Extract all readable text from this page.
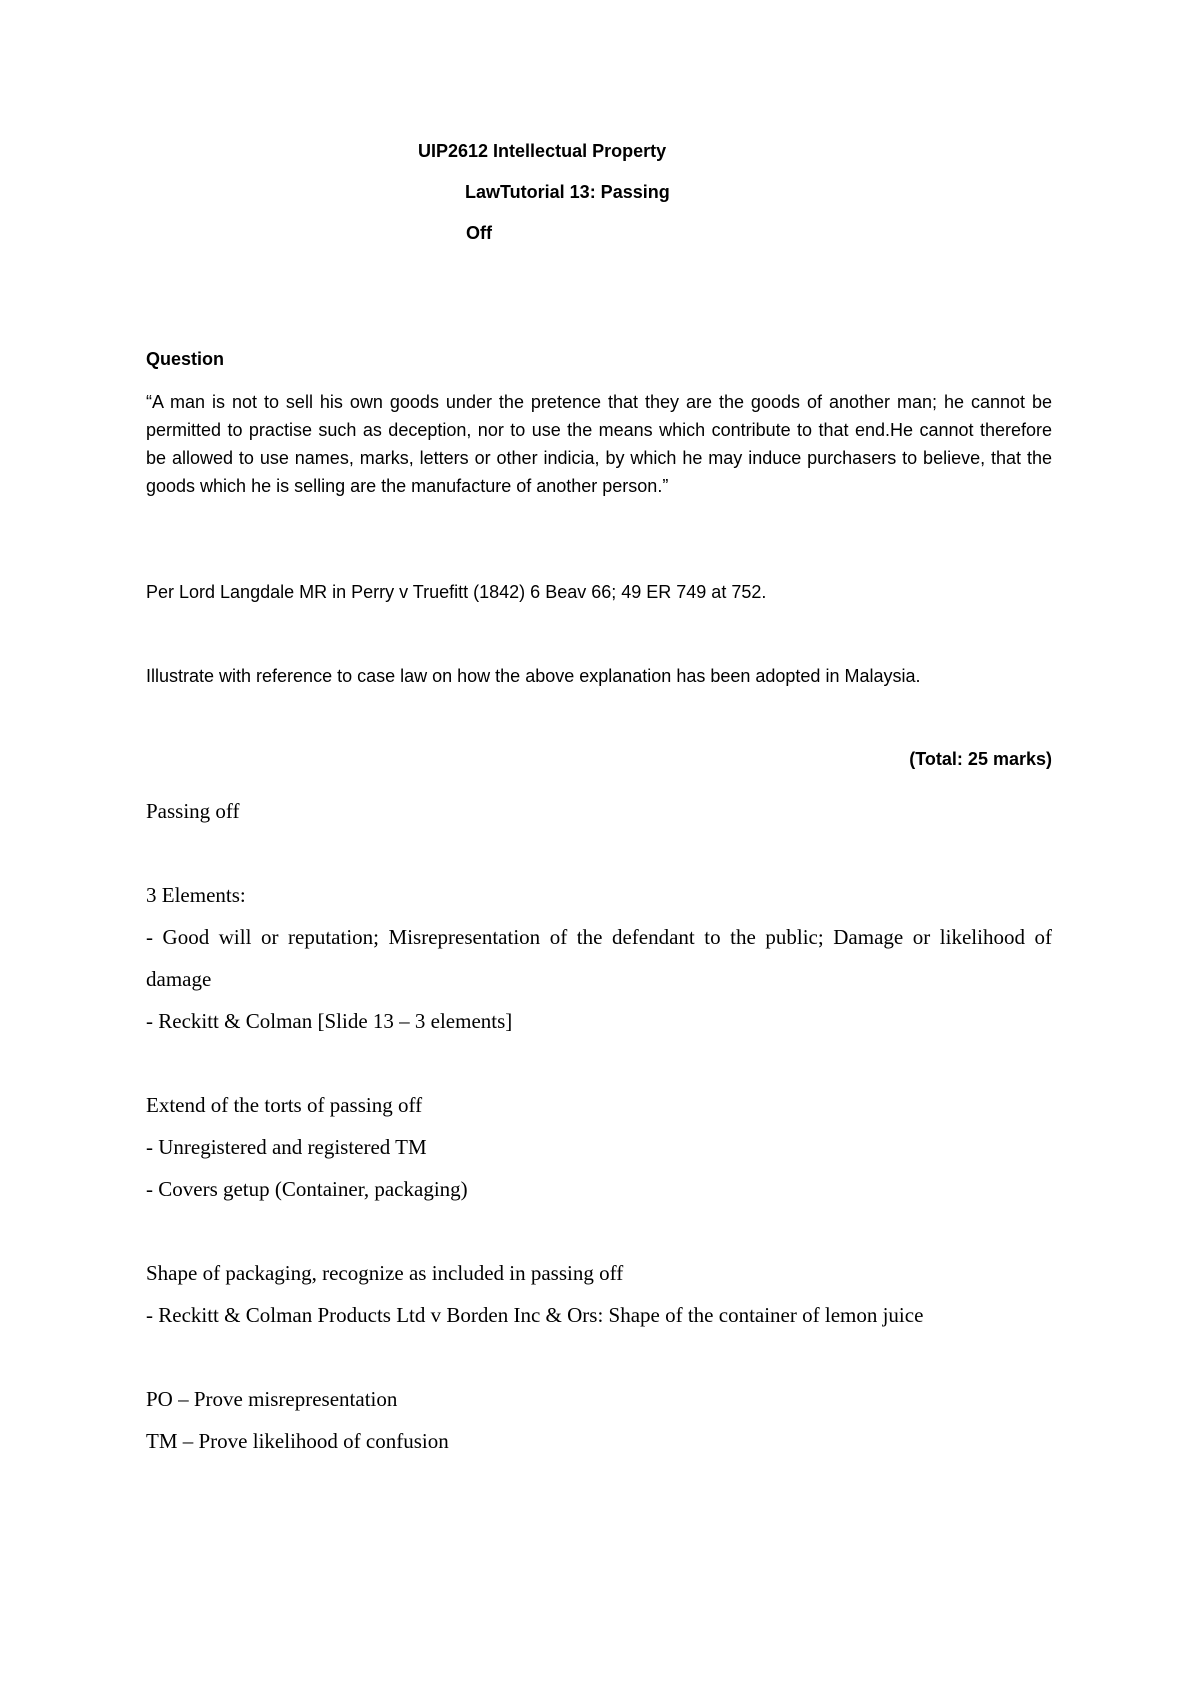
UIP2612 Intellectual Property
LawTutorial 13: Passing
Off
Question
“A man is not to sell his own goods under the pretence that they are the goods of another man; he cannot be permitted to practise such as deception, nor to use the means which contribute to that end.He cannot therefore be allowed to use names, marks, letters or other indicia, by which he may induce purchasers to believe, that the goods which he is selling are the manufacture of another person.”
Per Lord Langdale MR in Perry v Truefitt (1842) 6 Beav 66; 49 ER 749 at 752.
Illustrate with reference to case law on how the above explanation has been adopted in Malaysia.
(Total: 25 marks)

Passing off

3 Elements:

- Good will or reputation; Misrepresentation of the defendant to the public; Damage or likelihood of damage

- Reckitt & Colman [Slide 13 – 3 elements]

Extend of the torts of passing off

- Unregistered and registered TM

- Covers getup (Container, packaging)

Shape of packaging, recognize as included in passing off

- Reckitt & Colman Products Ltd v Borden Inc & Ors: Shape of the container of lemon juice

PO – Prove misrepresentation

TM – Prove likelihood of confusion
